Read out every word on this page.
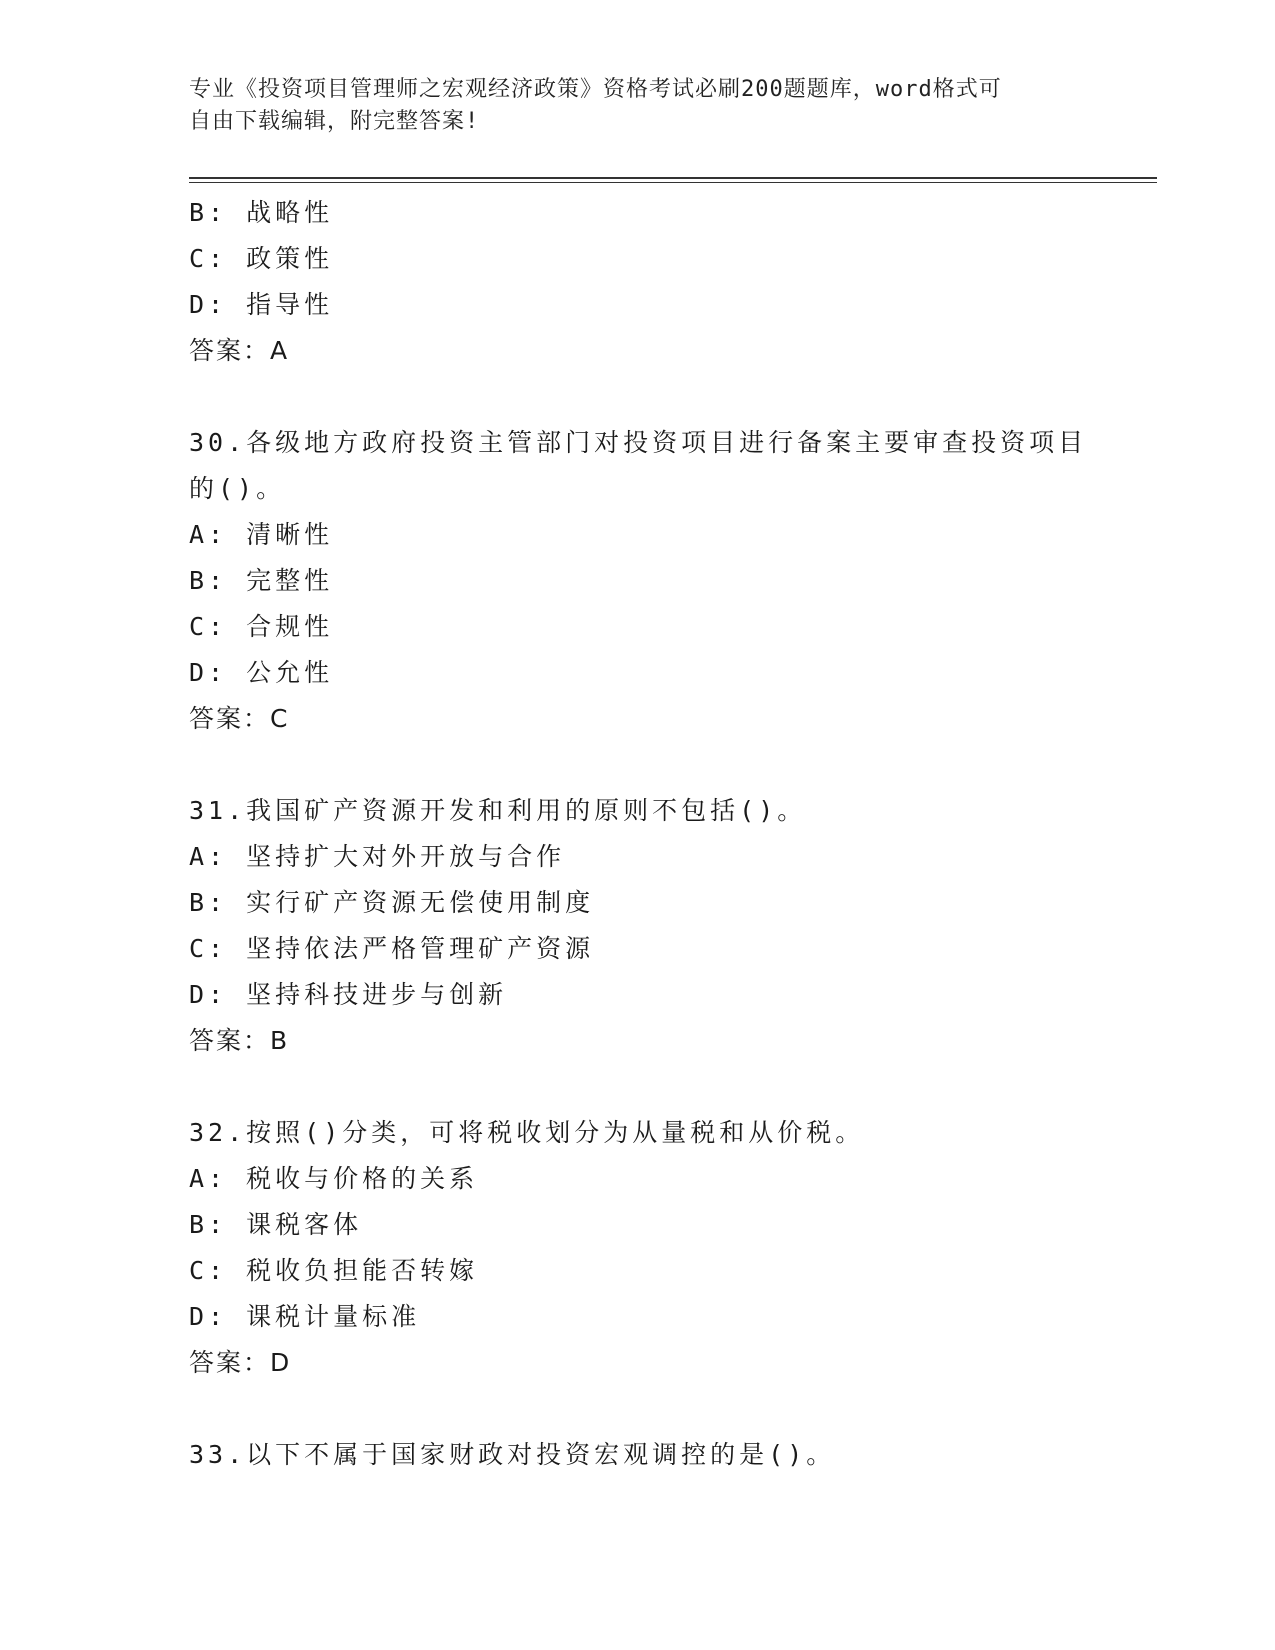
专业《投资项目管理师之宏观经济政策》资格考试必刷200题题库，word格式可
自由下载编辑，附完整答案!
B: 战略性
C: 政策性
D: 指导性
答案：A
30.各级地方政府投资主管部门对投资项目进行备案主要审查投资项目
的()。
A: 清晰性
B: 完整性
C: 合规性
D: 公允性
答案：C
31.我国矿产资源开发和利用的原则不包括()。
A: 坚持扩大对外开放与合作
B: 实行矿产资源无偿使用制度
C: 坚持依法严格管理矿产资源
D: 坚持科技进步与创新
答案：B
32.按照()分类，可将税收划分为从量税和从价税。
A: 税收与价格的关系
B: 课税客体
C: 税收负担能否转嫁
D: 课税计量标准
答案：D
33.以下不属于国家财政对投资宏观调控的是()。
